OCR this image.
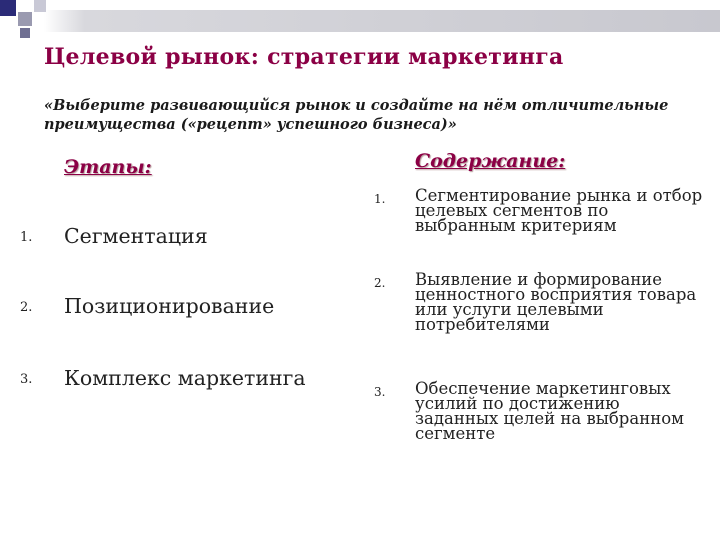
Целевой рынок: стратегии маркетинга
«Выберите развивающийся рынок и создайте на нём отличительные преимущества («рецепт» успешного бизнеса)»
Этапы:	Содержание:
1. Сегментация
2. Позиционирование
3. Комплекс маркетинга
1. Сегментирование рынка и отбор целевых сегментов по выбранным критериям
2. Выявление и формирование ценностного восприятия товара или услуги целевыми потребителями
3. Обеспечение маркетинговых усилий по достижению заданных целей на выбранном сегменте
